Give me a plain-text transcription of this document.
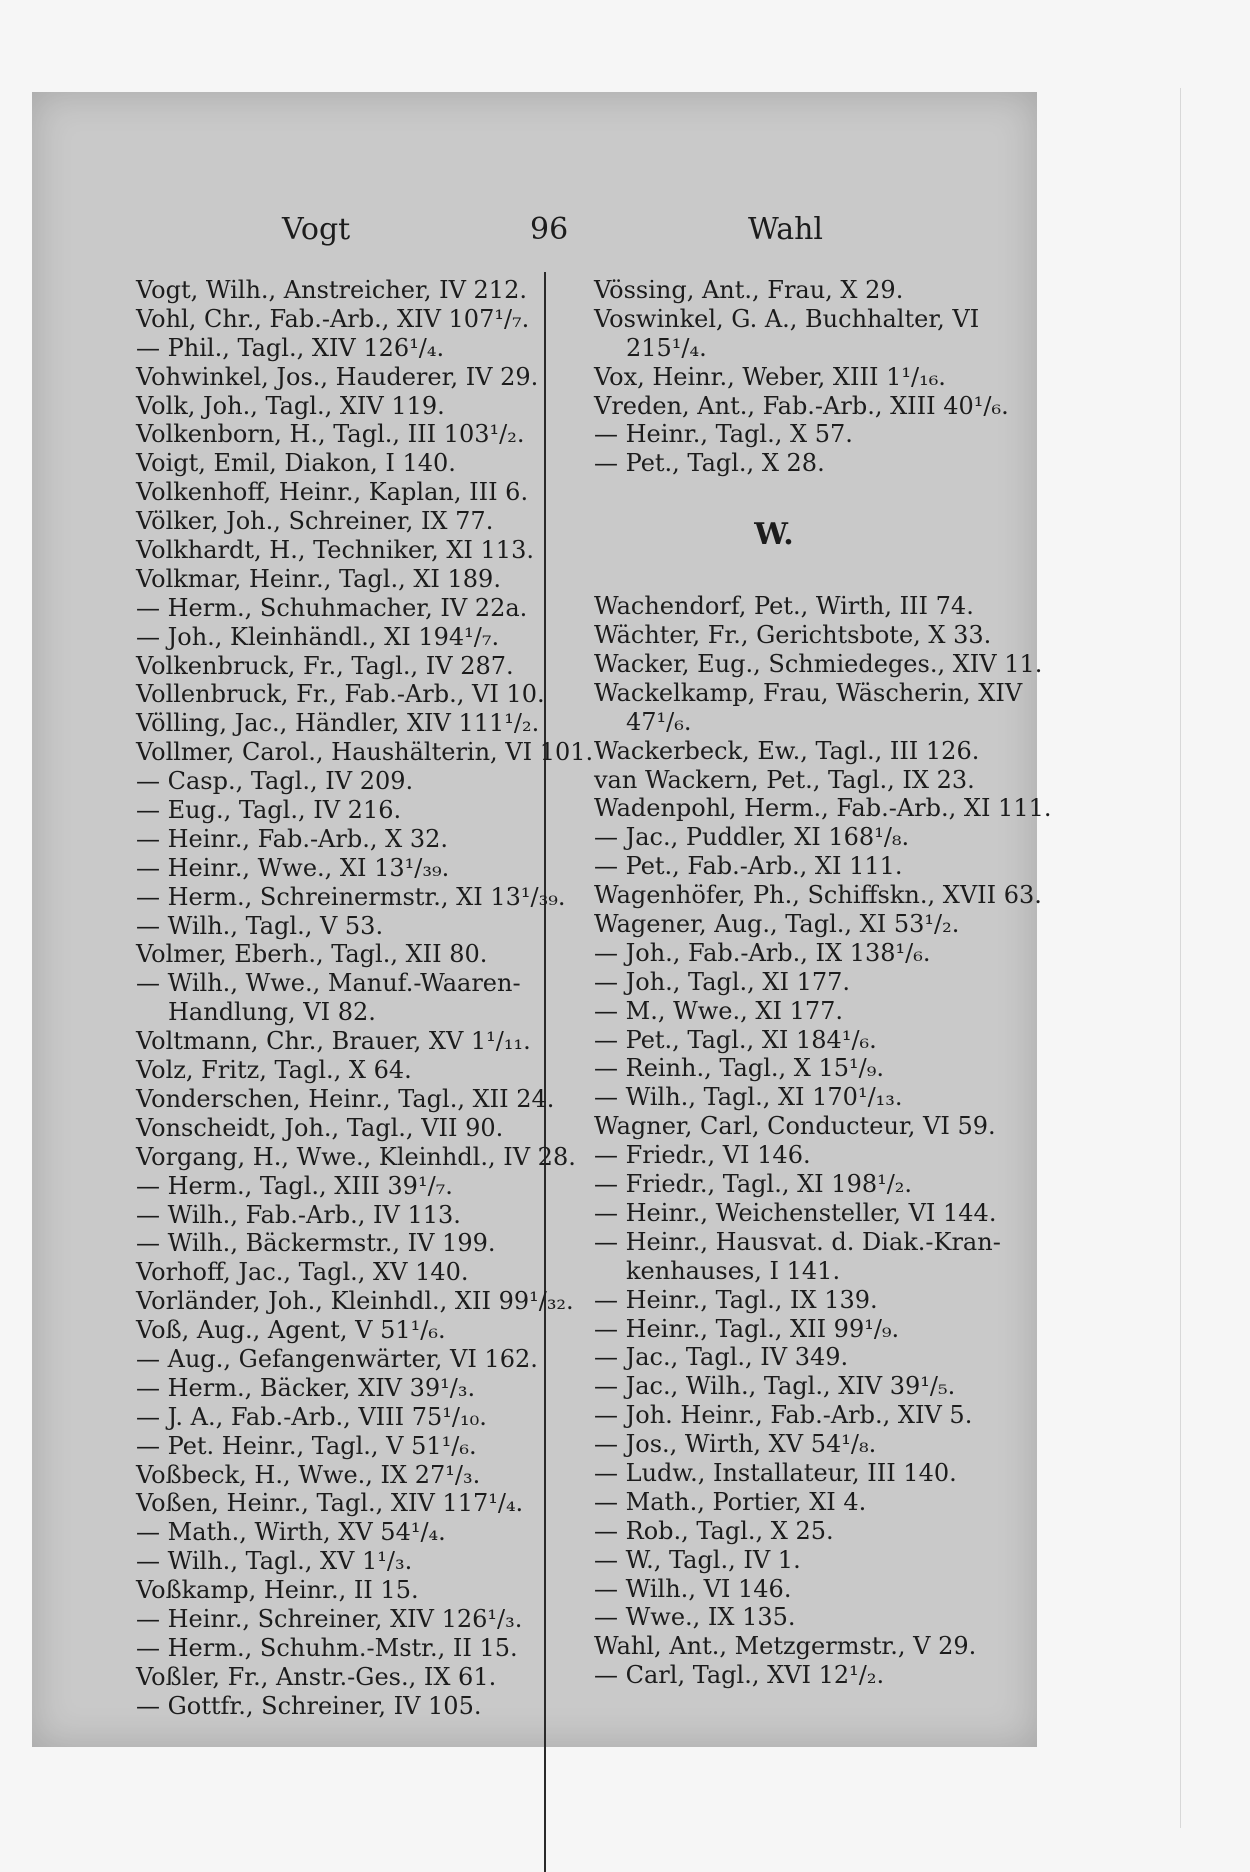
Vogt	96	Wahl
Vogt, Wilh., Anstreicher, IV 212.
Vohl, Chr., Fab.-Arb., XIV 107¹/₇.
— Phil., Tagl., XIV 126¹/₄.
Vohwinkel, Jos., Hauderer, IV 29.
Volk, Joh., Tagl., XIV 119.
Volkenborn, H., Tagl., III 103¹/₂.
Voigt, Emil, Diakon, I 140.
Volkenhoff, Heinr., Kaplan, III 6.
Völker, Joh., Schreiner, IX 77.
Volkhardt, H., Techniker, XI 113.
Volkmar, Heinr., Tagl., XI 189.
— Herm., Schuhmacher, IV 22a.
— Joh., Kleinhändl., XI 194¹/₇.
Volkenbruck, Fr., Tagl., IV 287.
Vollenbruck, Fr., Fab.-Arb., VI 10.
Völling, Jac., Händler, XIV 111¹/₂.
Vollmer, Carol., Haushälterin, VI 101.
— Casp., Tagl., IV 209.
— Eug., Tagl., IV 216.
— Heinr., Fab.-Arb., X 32.
— Heinr., Wwe., XI 13¹/₃₉.
— Herm., Schreinermstr., XI 13¹/₃₉.
— Wilh., Tagl., V 53.
Volmer, Eberh., Tagl., XII 80.
— Wilh., Wwe., Manuf.-Waaren-
Handlung, VI 82.
Voltmann, Chr., Brauer, XV 1¹/₁₁.
Volz, Fritz, Tagl., X 64.
Vonderschen, Heinr., Tagl., XII 24.
Vonscheidt, Joh., Tagl., VII 90.
Vorgang, H., Wwe., Kleinhdl., IV 28.
— Herm., Tagl., XIII 39¹/₇.
— Wilh., Fab.-Arb., IV 113.
— Wilh., Bäckermstr., IV 199.
Vorhoff, Jac., Tagl., XV 140.
Vorländer, Joh., Kleinhdl., XII 99¹/₃₂.
Voß, Aug., Agent, V 51¹/₆.
— Aug., Gefangenwärter, VI 162.
— Herm., Bäcker, XIV 39¹/₃.
— J. A., Fab.-Arb., VIII 75¹/₁₀.
— Pet. Heinr., Tagl., V 51¹/₆.
Voßbeck, H., Wwe., IX 27¹/₃.
Voßen, Heinr., Tagl., XIV 117¹/₄.
— Math., Wirth, XV 54¹/₄.
— Wilh., Tagl., XV 1¹/₃.
Voßkamp, Heinr., II 15.
— Heinr., Schreiner, XIV 126¹/₃.
— Herm., Schuhm.-Mstr., II 15.
Voßler, Fr., Anstr.-Ges., IX 61.
— Gottfr., Schreiner, IV 105.
Vössing, Ant., Frau, X 29.
Voswinkel, G. A., Buchhalter, VI
215¹/₄.
Vox, Heinr., Weber, XIII 1¹/₁₆.
Vreden, Ant., Fab.-Arb., XIII 40¹/₆.
— Heinr., Tagl., X 57.
— Pet., Tagl., X 28.
W.
Wachendorf, Pet., Wirth, III 74.
Wächter, Fr., Gerichtsbote, X 33.
Wacker, Eug., Schmiedeges., XIV 11.
Wackelkamp, Frau, Wäscherin, XIV
47¹/₆.
Wackerbeck, Ew., Tagl., III 126.
van Wackern, Pet., Tagl., IX 23.
Wadenpohl, Herm., Fab.-Arb., XI 111.
— Jac., Puddler, XI 168¹/₈.
— Pet., Fab.-Arb., XI 111.
Wagenhöfer, Ph., Schiffskn., XVII 63.
Wagener, Aug., Tagl., XI 53¹/₂.
— Joh., Fab.-Arb., IX 138¹/₆.
— Joh., Tagl., XI 177.
— M., Wwe., XI 177.
— Pet., Tagl., XI 184¹/₆.
— Reinh., Tagl., X 15¹/₉.
— Wilh., Tagl., XI 170¹/₁₃.
Wagner, Carl, Conducteur, VI 59.
— Friedr., VI 146.
— Friedr., Tagl., XI 198¹/₂.
— Heinr., Weichensteller, VI 144.
— Heinr., Hausvat. d. Diak.-Kran-
kenhauses, I 141.
— Heinr., Tagl., IX 139.
— Heinr., Tagl., XII 99¹/₉.
— Jac., Tagl., IV 349.
— Jac., Wilh., Tagl., XIV 39¹/₅.
— Joh. Heinr., Fab.-Arb., XIV 5.
— Jos., Wirth, XV 54¹/₈.
— Ludw., Installateur, III 140.
— Math., Portier, XI 4.
— Rob., Tagl., X 25.
— W., Tagl., IV 1.
— Wilh., VI 146.
— Wwe., IX 135.
Wahl, Ant., Metzgermstr., V 29.
— Carl, Tagl., XVI 12¹/₂.
